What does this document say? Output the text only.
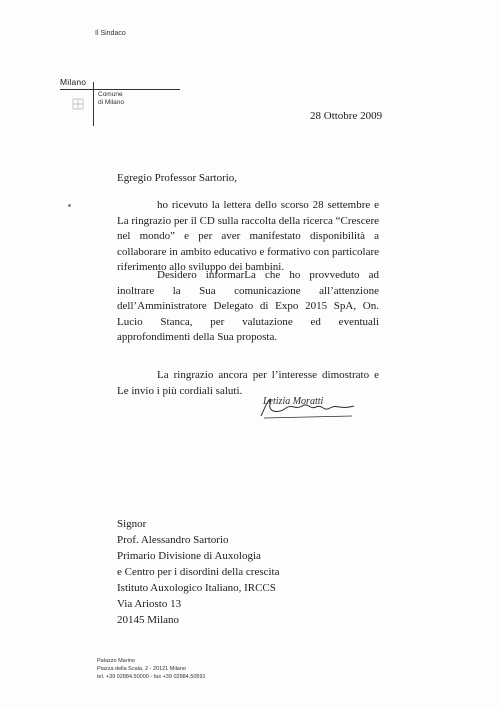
Il Sindaco
Milano
Comune
di Milano
28 Ottobre 2009
Egregio Professor Sartorio,

ho ricevuto la lettera dello scorso 28 settembre e La ringrazio per il CD sulla raccolta della ricerca “Crescere nel mondo” e per aver manifestato disponibilità a collaborare in ambito educativo e formativo con particolare riferimento allo sviluppo dei bambini.

Desidero informarLa che ho provveduto ad inoltrare la Sua comunicazione all’attenzione dell’Amministratore Delegato di Expo 2015 SpA, On. Lucio Stanca, per valutazione ed eventuali approfondimenti della Sua proposta.

La ringrazio ancora per l’interesse dimostrato e Le invio i più cordiali saluti.

Letizia Moratti
Signor
Prof. Alessandro Sartorio
Primario Divisione di Auxologia
e Centro per i disordini della crescita
Istituto Auxologico Italiano, IRCCS
Via Ariosto 13
20145 Milano
Palazzo Marino
Piazza della Scala, 2 - 20121 Milano
tel. +39 02884.50000 - fax +39 02884.50591
